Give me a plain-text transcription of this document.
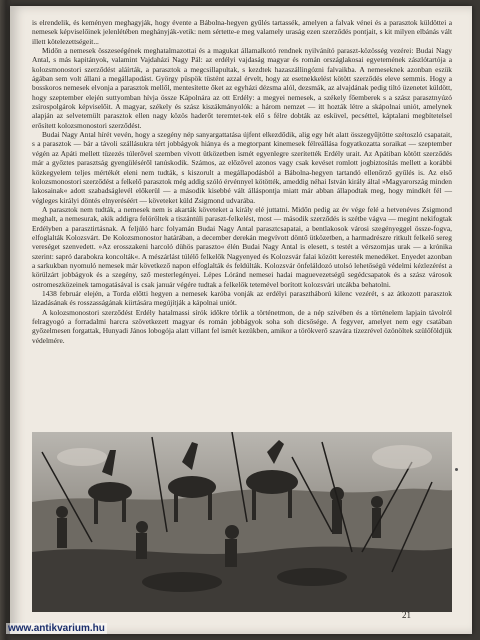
is elrendelik, és keményen meghagyják, hogy évente a Bábolna-hegyen gyűlés tartassék, amelyen a falvak vénei és a parasztok küldöttei a nemesek képviselőinek jelenlétében meghányják-vetik: nem sértette-e meg valamely uraság ezen szerződés pontjait, s kit milyen elbánás vált illett kötelezettségeit...

Midőn a nemesek összeseégének meghatalmazottai és a magukat államalkotó rendnek nyilvánító paraszt-közösség vezérei: Budai Nagy Antal, s más kapitányok, valamint Vajdaházi Nagy Pál: az erdélyi vajdaság magyar és román országlakosai egyetemének zászlótartója a kolozsmonostori szerződést aláírták, a parasztok a megcsillapultak, s kezdtek hazaszállingózni falvaikba. A nemeseknek azonban eszük ágában sem volt állani a megállapodást. György püspök tüstént azzal érvelt, hogy az esetnekkelést kötött szerződés eleve semmis. Hogy a bosskoros nemesek elvonja a parasztok mellől, mentesítette őket az egyházi dézsma alól, dezsmák, az alvajdának pedig tiltó üzenetet küldött, hogy szeptember elején suttyomban hívja össze Kápolnára az ott Erdély: a megyei nemesek, a székely főemberek s a szász parasztnyúzó zsírospolgárok képviselőit. A magyar, székely és szász kiszákmányolók: a három nemzet — itt hozták létre a skápolnai uniót, amelynek alapján az selvetemült parasztok ellen nagy közös haderőt teremtet-tek elő s félre dobták az esküvel, pecséttel, káptalani megbítetelsel erősített kolozsmonostori szerződést.

Budai Nagy Antal hírét vevén, hogy a szegény nép sanyargattatása újfent elkezdődik, alig egy hét alatt összegyűjtötte szétoszló csapatait, s a parasztok — bár a távoli szállásukra tért jobbágyok hiánya és a megtorpant kinemesek félreállása fogyatkozatta soraikat — szeptember végén az Apáti mellett tüzezés túlerővel szemben vívott ütközetben ismét egyenlegre szerítették Erdély urait. Az Apátiban kötött szerződés már a győztes parasztság gyengüléséről tanúskodik. Számos, az előzővel azonos vagy csak kevéset romlott jogbiztosítás mellett a korábbi közkegyelem teljes mértékét eleni nem tudták, s kiszorult a megállapodásból a Bábolna-hegyen tartandó ellenőrző gyűlés is. Az első kolozsmonostori szerződést a felkelő parasztok még addig szóló érvénnyel kötötték, ameddig néhai István király által »Magyarország minden lakosainak« adott szabadságlevél előkerül — a második kisebbé vált álláspontja miatt már abban állapodtak meg, hogy mindkét fél — végleges királyi döntés elnyeréséért — követeket küld Zsigmond udvarába.

A parasztok nem tudták, a nemesek nem is akarták követeket a király elé juttatni. Midőn pedig az év vége felé a hetvenéves Zsigmond meghalt, a nemesurak, akik addigra felöröltek a tiszántúli paraszt-felkelést, most — második szerződés is szétbe vágva — megint nekifogtak Erdélyben a parasztirtásnak. A feljúló harc folyamán Budai Nagy Antal parasztcsapatai, a bentlakosok városi szegényeggel össze-fogva, elfoglalták Kolozsvárt. De Kolozsmonostor határában, a december derekán megvívott döntő ütközetben, a harmadrészre ritkult felkelő sereg vereséget szenvedett. »Az erosszakeni harcoló dühös paraszto« élén Budai Nagy Antal is elesett, s testét a vérszomjas urak — a krónika szerint: sapró darabokra koncolták«. A mészárlást túlélő felkelők Nagyenyed és Kolozsvár falai között keresték menedéket. Enyedet azonban a sarkukban nyomuló nemesek már következő napon elfoglalták és feldúlták. Kolozsvár önfeláldozó utolsó lehetőségü védelmi kézlezérést a körülzárt jobbágyok és a szegény, sző mesterlegényei. Lépes Lóránd nemesei hadai maguevezetségű segédcsapatok és a szász városok ostromeszközeinek tamogatásával is csak január végére tudtak a felkelők tetemével borított kolozsvári utcákba behatolni.

1438 február elején, a Torda előtti hegyen a nemesek karóba vonják az erdélyi parasztháború kilenc vezérét, s az átkozott parasztok lázadásának és rosszasságának kiirtására megújítják a kápolnai uniót.

A kolozsmonostori szerződést Erdély hatalmassi sírók időkre törlik a történetmon, de a nép szívében és a történelem lapjain távolról felragyogó a forradalmi harcra szövetkezett magyar és román jobbágyok soha soh dicsősége. A fegyver, amelyet nem egy csatában győzelmesen forgattak, Hunyadi János lobogója alatt villant fel ismét kezükben, amikor a törökverő szavára tízezrével özönöltek szülőföldjük védelmére.

21
www.antikvarium.hu
